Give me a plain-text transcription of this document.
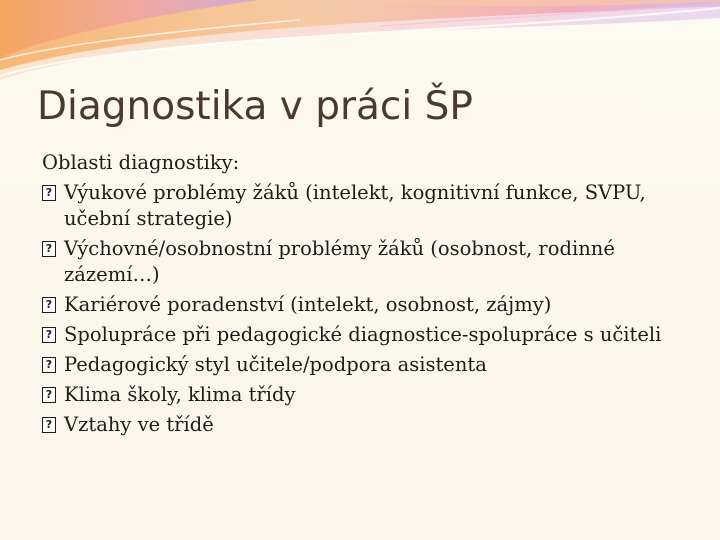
Diagnostika v práci ŠP

Oblasti diagnostiky:

?
Výukové problémy žáků (intelekt, kognitivní funkce, SVPU, učební strategie)
?
Výchovné/osobnostní problémy žáků (osobnost, rodinné zázemí…)
?
Kariérové poradenství (intelekt, osobnost, zájmy)
?
Spolupráce při pedagogické diagnostice-spolupráce s učiteli
?
Pedagogický styl učitele/podpora asistenta
?
Klima školy, klima třídy
?
Vztahy ve třídě
